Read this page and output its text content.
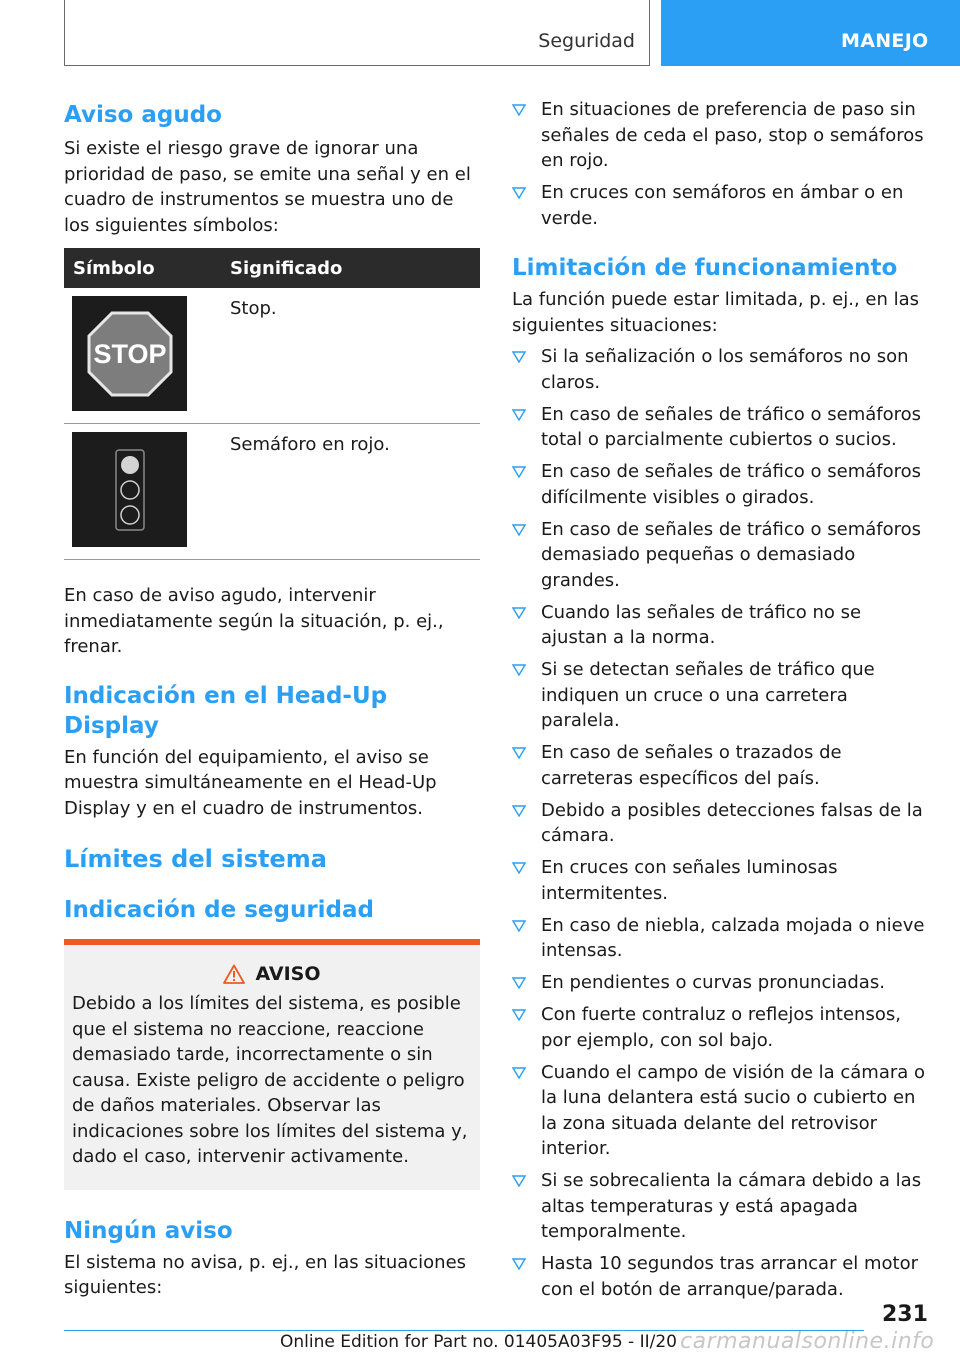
Seguridad	MANEJO
Aviso agudo

Si existe el riesgo grave de ignorar una prioridad de paso, se emite una señal y en el cuadro de instrumentos se muestra uno de los siguientes símbolos:

Símbolo	Significado
STOP
Stop.
Semáforo en rojo.

En caso de aviso agudo, intervenir inmediatamente según la situación, p. ej., frenar.

Indicación en el Head-Up Display

En función del equipamiento, el aviso se muestra simultáneamente en el Head-Up Display y en el cuadro de instrumentos.

Límites del sistema
Indicación de seguridad
AVISO

Debido a los límites del sistema, es posible que el sistema no reaccione, reaccione demasiado tarde, incorrectamente o sin causa. Existe peligro de accidente o peligro de daños materiales. Observar las indicaciones sobre los límites del sistema y, dado el caso, intervenir activamente.

Ningún aviso

El sistema no avisa, p. ej., en las situaciones siguientes:

En situaciones de preferencia de paso sin señales de ceda el paso, stop o semáforos en rojo.
En cruces con semáforos en ámbar o en verde.
Limitación de funcionamiento

La función puede estar limitada, p. ej., en las siguientes situaciones:

Si la señalización o los semáforos no son claros.
En caso de señales de tráfico o semáforos total o parcialmente cubiertos o sucios.
En caso de señales de tráfico o semáforos difícilmente visibles o girados.
En caso de señales de tráfico o semáforos demasiado pequeñas o demasiado grandes.
Cuando las señales de tráfico no se ajustan a la norma.
Si se detectan señales de tráfico que indiquen un cruce o una carretera paralela.
En caso de señales o trazados de carreteras específicos del país.
Debido a posibles detecciones falsas de la cámara.
En cruces con señales luminosas intermitentes.
En caso de niebla, calzada mojada o nieve intensas.
En pendientes o curvas pronunciadas.
Con fuerte contraluz o reflejos intensos, por ejemplo, con sol bajo.
Cuando el campo de visión de la cámara o la luna delantera está sucio o cubierto en la zona situada delante del retrovisor interior.
Si se sobrecalienta la cámara debido a las altas temperaturas y está apagada temporalmente.
Hasta 10 segundos tras arrancar el motor con el botón de arranque/parada.
231
Online Edition for Part no. 01405A03F95 - II/20 carmanualsonline.info
